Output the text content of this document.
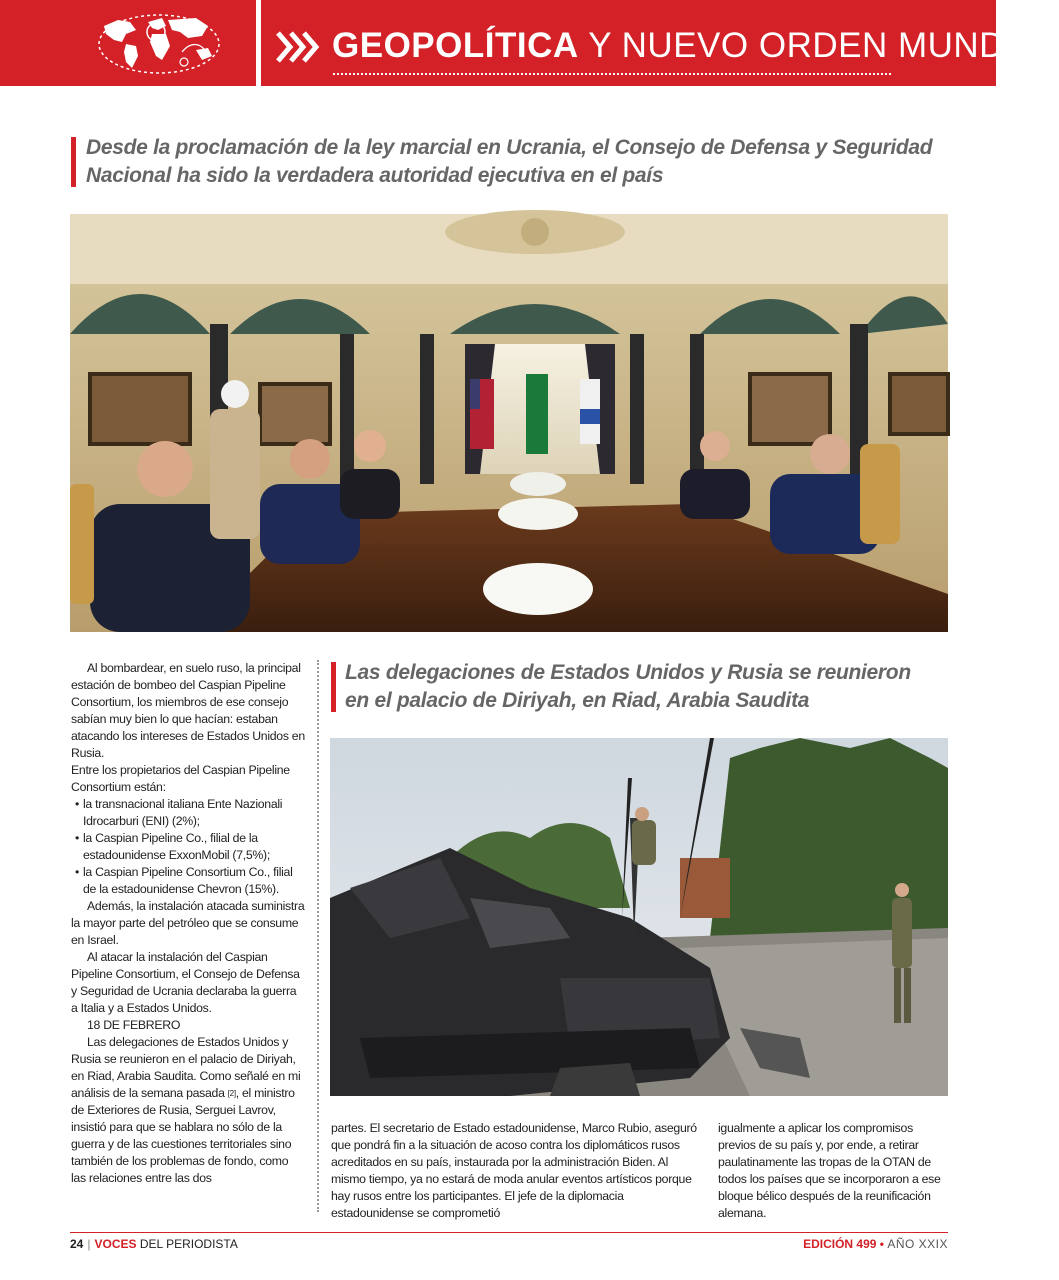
GEOPOLÍTICA Y NUEVO ORDEN MUNDIAL
Desde la proclamación de la ley marcial en Ucrania, el Consejo de Defensa y Seguridad
Nacional ha sido la verdadera autoridad ejecutiva en el país

Al bombardear, en suelo ruso, la principal estación de bombeo del Caspian Pipeline Consortium, los miembros de ese consejo sabían muy bien lo que hacían: estaban atacando los intereses de Estados Unidos en Rusia.

Entre los propietarios del Caspian Pipeline Consortium están:

• la transnacional italiana Ente Nazionali Idrocarburi (ENI) (2%);

• la Caspian Pipeline Co., filial de la estadounidense ExxonMobil (7,5%);

• la Caspian Pipeline Consortium Co., filial de la estadounidense Chevron (15%).

Además, la instalación atacada suministra la mayor parte del petróleo que se consume en Israel.

Al atacar la instalación del Caspian Pipeline Consortium, el Consejo de Defensa y Seguridad de Ucrania declaraba la guerra a Italia y a Estados Unidos.

18 DE FEBRERO

Las delegaciones de Estados Unidos y Rusia se reunieron en el palacio de Diriyah, en Riad, Arabia Saudita. Como señalé en mi análisis de la semana pasada [2], el ministro de Exteriores de Rusia, Serguei Lavrov, insistió para que se hablara no sólo de la guerra y de las cuestiones territoriales sino también de los problemas de fondo, como las relaciones entre las dos

Las delegaciones de Estados Unidos y Rusia se reunieron
en el palacio de Diriyah, en Riad, Arabia Saudita

partes. El secretario de Estado estadounidense, Marco Rubio, aseguró que pondrá fin a la situación de acoso contra los diplomáticos rusos acreditados en su país, instaurada por la administración Biden. Al mismo tiempo, ya no estará de moda anular eventos artísticos porque hay rusos entre los participantes. El jefe de la diplomacia estadounidense se comprometió

igualmente a aplicar los compromisos previos de su país y, por ende, a retirar paulatinamente las tropas de la OTAN de todos los países que se incorporaron a ese bloque bélico después de la reunificación alemana.

24 | VOCES DEL PERIODISTA	EDICIÓN 499 • AÑO XXIX
